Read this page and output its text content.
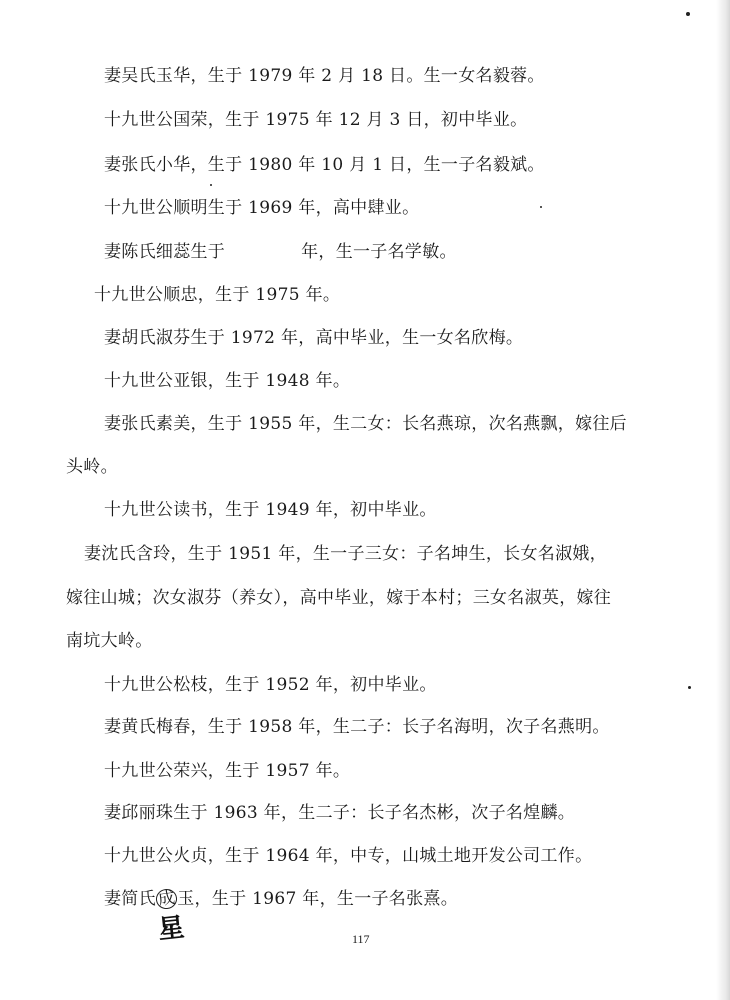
妻吴氏玉华，生于 1979 年 2 月 18 日。生一女名毅蓉。

十九世公国荣，生于 1975 年 12 月 3 日，初中毕业。

妻张氏小华，生于 1980 年 10 月 1 日，生一子名毅斌。

十九世公顺明生于 1969 年，高中肆业。

妻陈氏细蕊生于	年，生一子名学敏。

十九世公顺忠，生于 1975 年。

妻胡氏淑芬生于 1972 年，高中毕业，生一女名欣梅。

十九世公亚银，生于 1948 年。

妻张氏素美，生于 1955 年，生二女：长名燕琼，次名燕飘，嫁往后

头岭。

十九世公读书，生于 1949 年，初中毕业。

妻沈氏含玲，生于 1951 年，生一子三女：子名坤生，长女名淑娥，

嫁往山城；次女淑芬（养女），高中毕业，嫁于本村；三女名淑英，嫁往

南坑大岭。

十九世公松枝，生于 1952 年，初中毕业。

妻黄氏梅春，生于 1958 年，生二子：长子名海明，次子名燕明。

十九世公荣兴，生于 1957 年。

妻邱丽珠生于 1963 年，生二子：长子名杰彬，次子名煌麟。

十九世公火贞，生于 1964 年，中专，山城土地开发公司工作。

妻简氏成玉，生于 1967 年，生一子名张熹。

星	117
